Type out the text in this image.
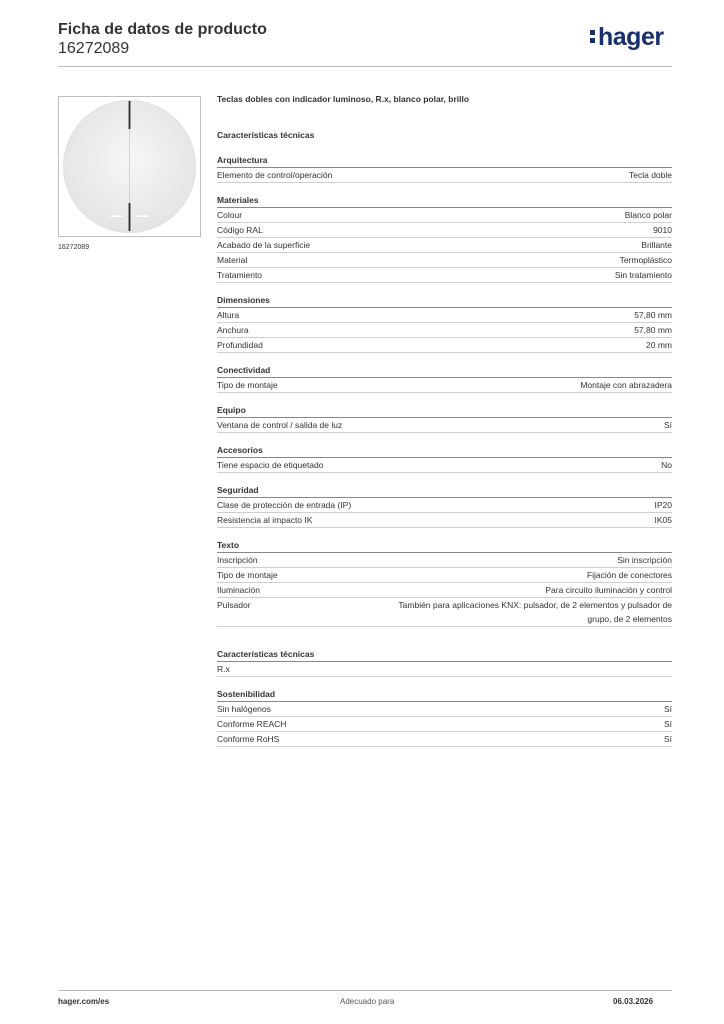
Ficha de datos de producto
16272089	hager
16272089
Teclas dobles con indicador luminoso, R.x, blanco polar, brillo
Características técnicas
Arquitectura
Elemento de control/operación	Tecla doble
Materiales
Colour	Blanco polar
Código RAL	9010
Acabado de la superficie	Brillante
Material	Termoplástico
Tratamiento	Sin tratamiento
Dimensiones
Altura	57,80 mm
Anchura	57,80 mm
Profundidad	20 mm
Conectividad
Tipo de montaje	Montaje con abrazadera
Equipo
Ventana de control / salida de luz	Sí
Accesorios
Tiene espacio de etiquetado	No
Seguridad
Clase de protección de entrada (IP)	IP20
Resistencia al impacto IK	IK05
Texto
Inscripción	Sin inscripción
Tipo de montaje	Fijación de conectores
Iluminación	Para circuito iluminación y control
Pulsador	También para aplicaciones KNX: pulsador, de 2 elementos y pulsador de grupo, de 2 elementos
Características técnicas
R.x
Sostenibilidad
Sin halógenos	Sí
Conforme REACH	Sí
Conforme RoHS	Sí
hager.com/es	Adecuado para	06.03.2026
